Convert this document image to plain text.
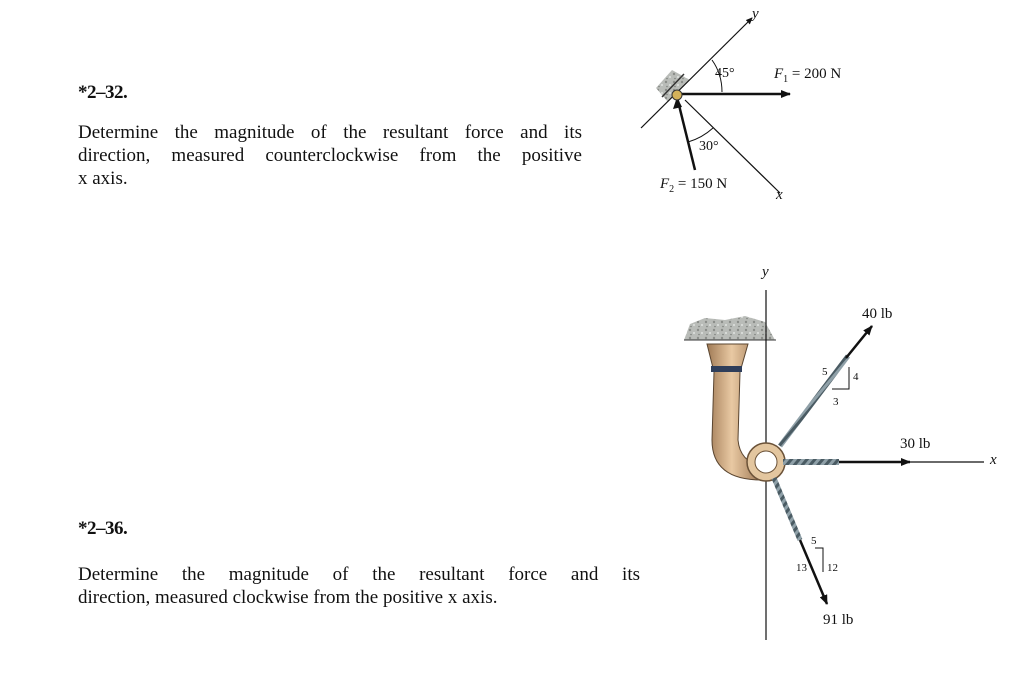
*2–32.
Determine the magnitude of the resultant force and its
direction, measured counterclockwise from the positive
x axis.
*2–36.
Determine the magnitude of the resultant force and its
direction, measured clockwise from the positive x axis.
y
45°	$F_1 = 200$ N
30°
$F_2 = 150$ N
x
y
40 lb
5 4
3
30 lb
x
5
13 12
91 lb
